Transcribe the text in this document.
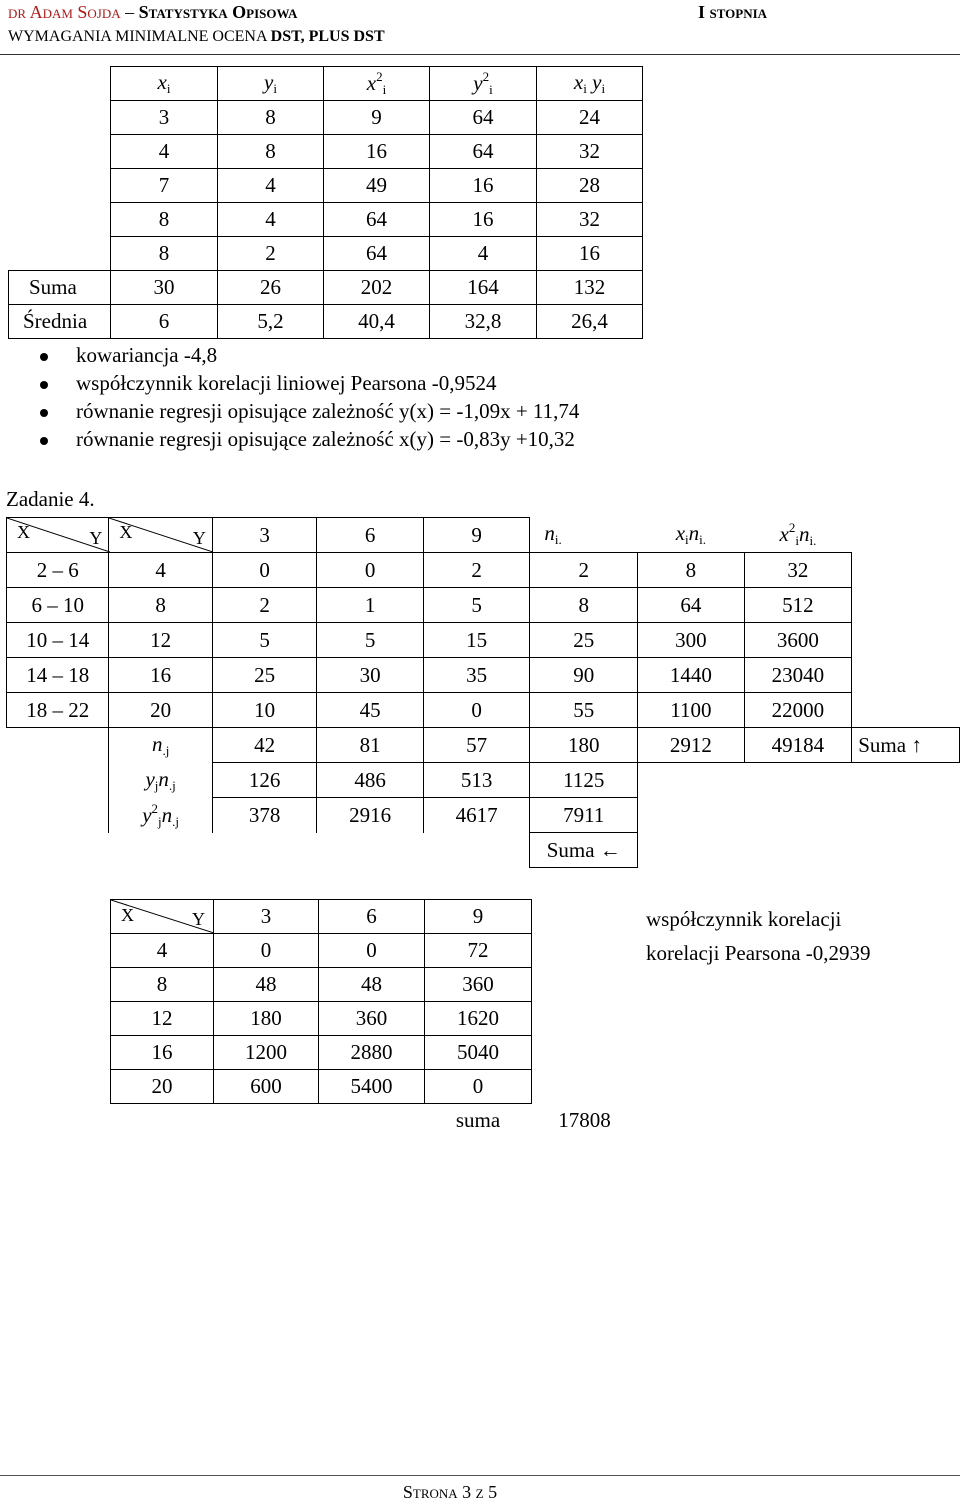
dr Adam Sojda – Statystyka Opisowa	I stopnia
WYMAGANIA MINIMALNE OCENA DST, PLUS DST
	$x_i$	$y_i$	$x^2_i$	$y^2_i$	$x_i$ $y_i$
	3	8	9	64	24
	4	8	16	64	32
	7	4	49	16	28
	8	4	64	16	32
	8	2	64	4	16
Suma	30	26	202	164	132
Średnia	6	5,2	40,4	32,8	26,4
kowariancja -4,8
współczynnik korelacji liniowej Pearsona -0,9524
równanie regresji opisujące zależność y(x) = -1,09x + 11,74
równanie regresji opisujące zależność x(y) = -0,83y +10,32
Zadanie 4.
X Y	X Y	3	6	9	$n_{i.}$	$x_in_{i.}$	$x^2_in_{i.}$	
2 – 6	4	0	0	2	2	8	32	
6 – 10	8	2	1	5	8	64	512	
10 – 14	12	5	5	15	25	300	3600	
14 – 18	16	25	30	35	90	1440	23040	
18 – 22	20	10	45	0	55	1100	22000	
	$n_{.j}$	42	81	57	180	2912	49184	Suma ↑
	$y_jn_{.j}$	126	486	513	1125			
	$y^2_jn_{.j}$	378	2916	4617	7911			
					Suma ←			
X Y	3	6	9	
4	0	0	72	
8	48	48	360	
12	180	360	1620	
16	1200	2880	5040	
20	600	5400	0	
			suma	17808
współczynnik korelacji
korelacji Pearsona -0,2939
Strona 3 z 5
